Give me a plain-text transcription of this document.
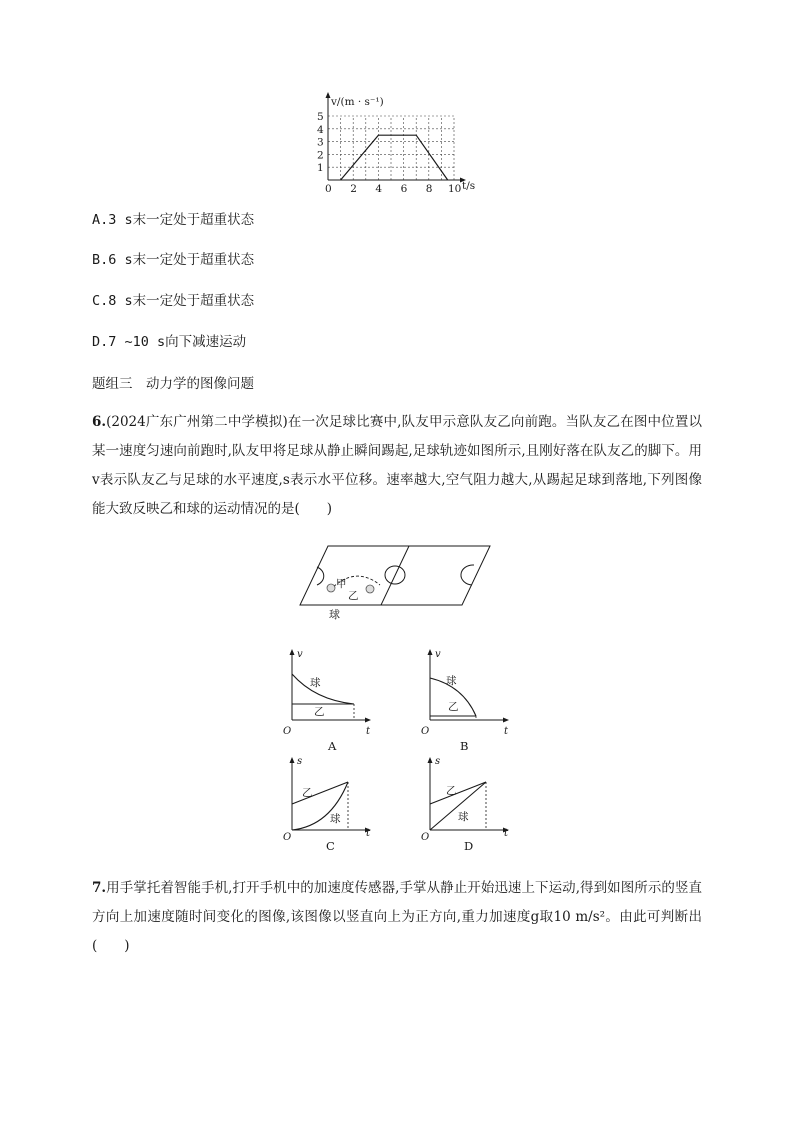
v/(m · s⁻¹)
t/s
1
2
3
4
5
0 2 4 6 8 10
A.3 s末一定处于超重状态
B.6 s末一定处于超重状态
C.8 s末一定处于超重状态
D.7 ~10 s向下减速运动
题组三　动力学的图像问题
6.(2024广东广州第二中学模拟)在一次足球比赛中,队友甲示意队友乙向前跑。当队友乙在图中位置以某一速度匀速向前跑时,队友甲将足球从静止瞬间踢起,足球轨迹如图所示,且刚好落在队友乙的脚下。用v表示队友乙与足球的水平速度,s表示水平位移。速率越大,空气阻力越大,从踢起足球到落地,下列图像能大致反映乙和球的运动情况的是(　　)
甲
乙
球
v
t
O
球
乙
A
v
t
O
球
乙
B
s
t
O
乙
球
C
s
t
O
乙
球
D
7.用手掌托着智能手机,打开手机中的加速度传感器,手掌从静止开始迅速上下运动,得到如图所示的竖直方向上加速度随时间变化的图像,该图像以竖直向上为正方向,重力加速度g取10 m/s²。由此可判断出(　　)
